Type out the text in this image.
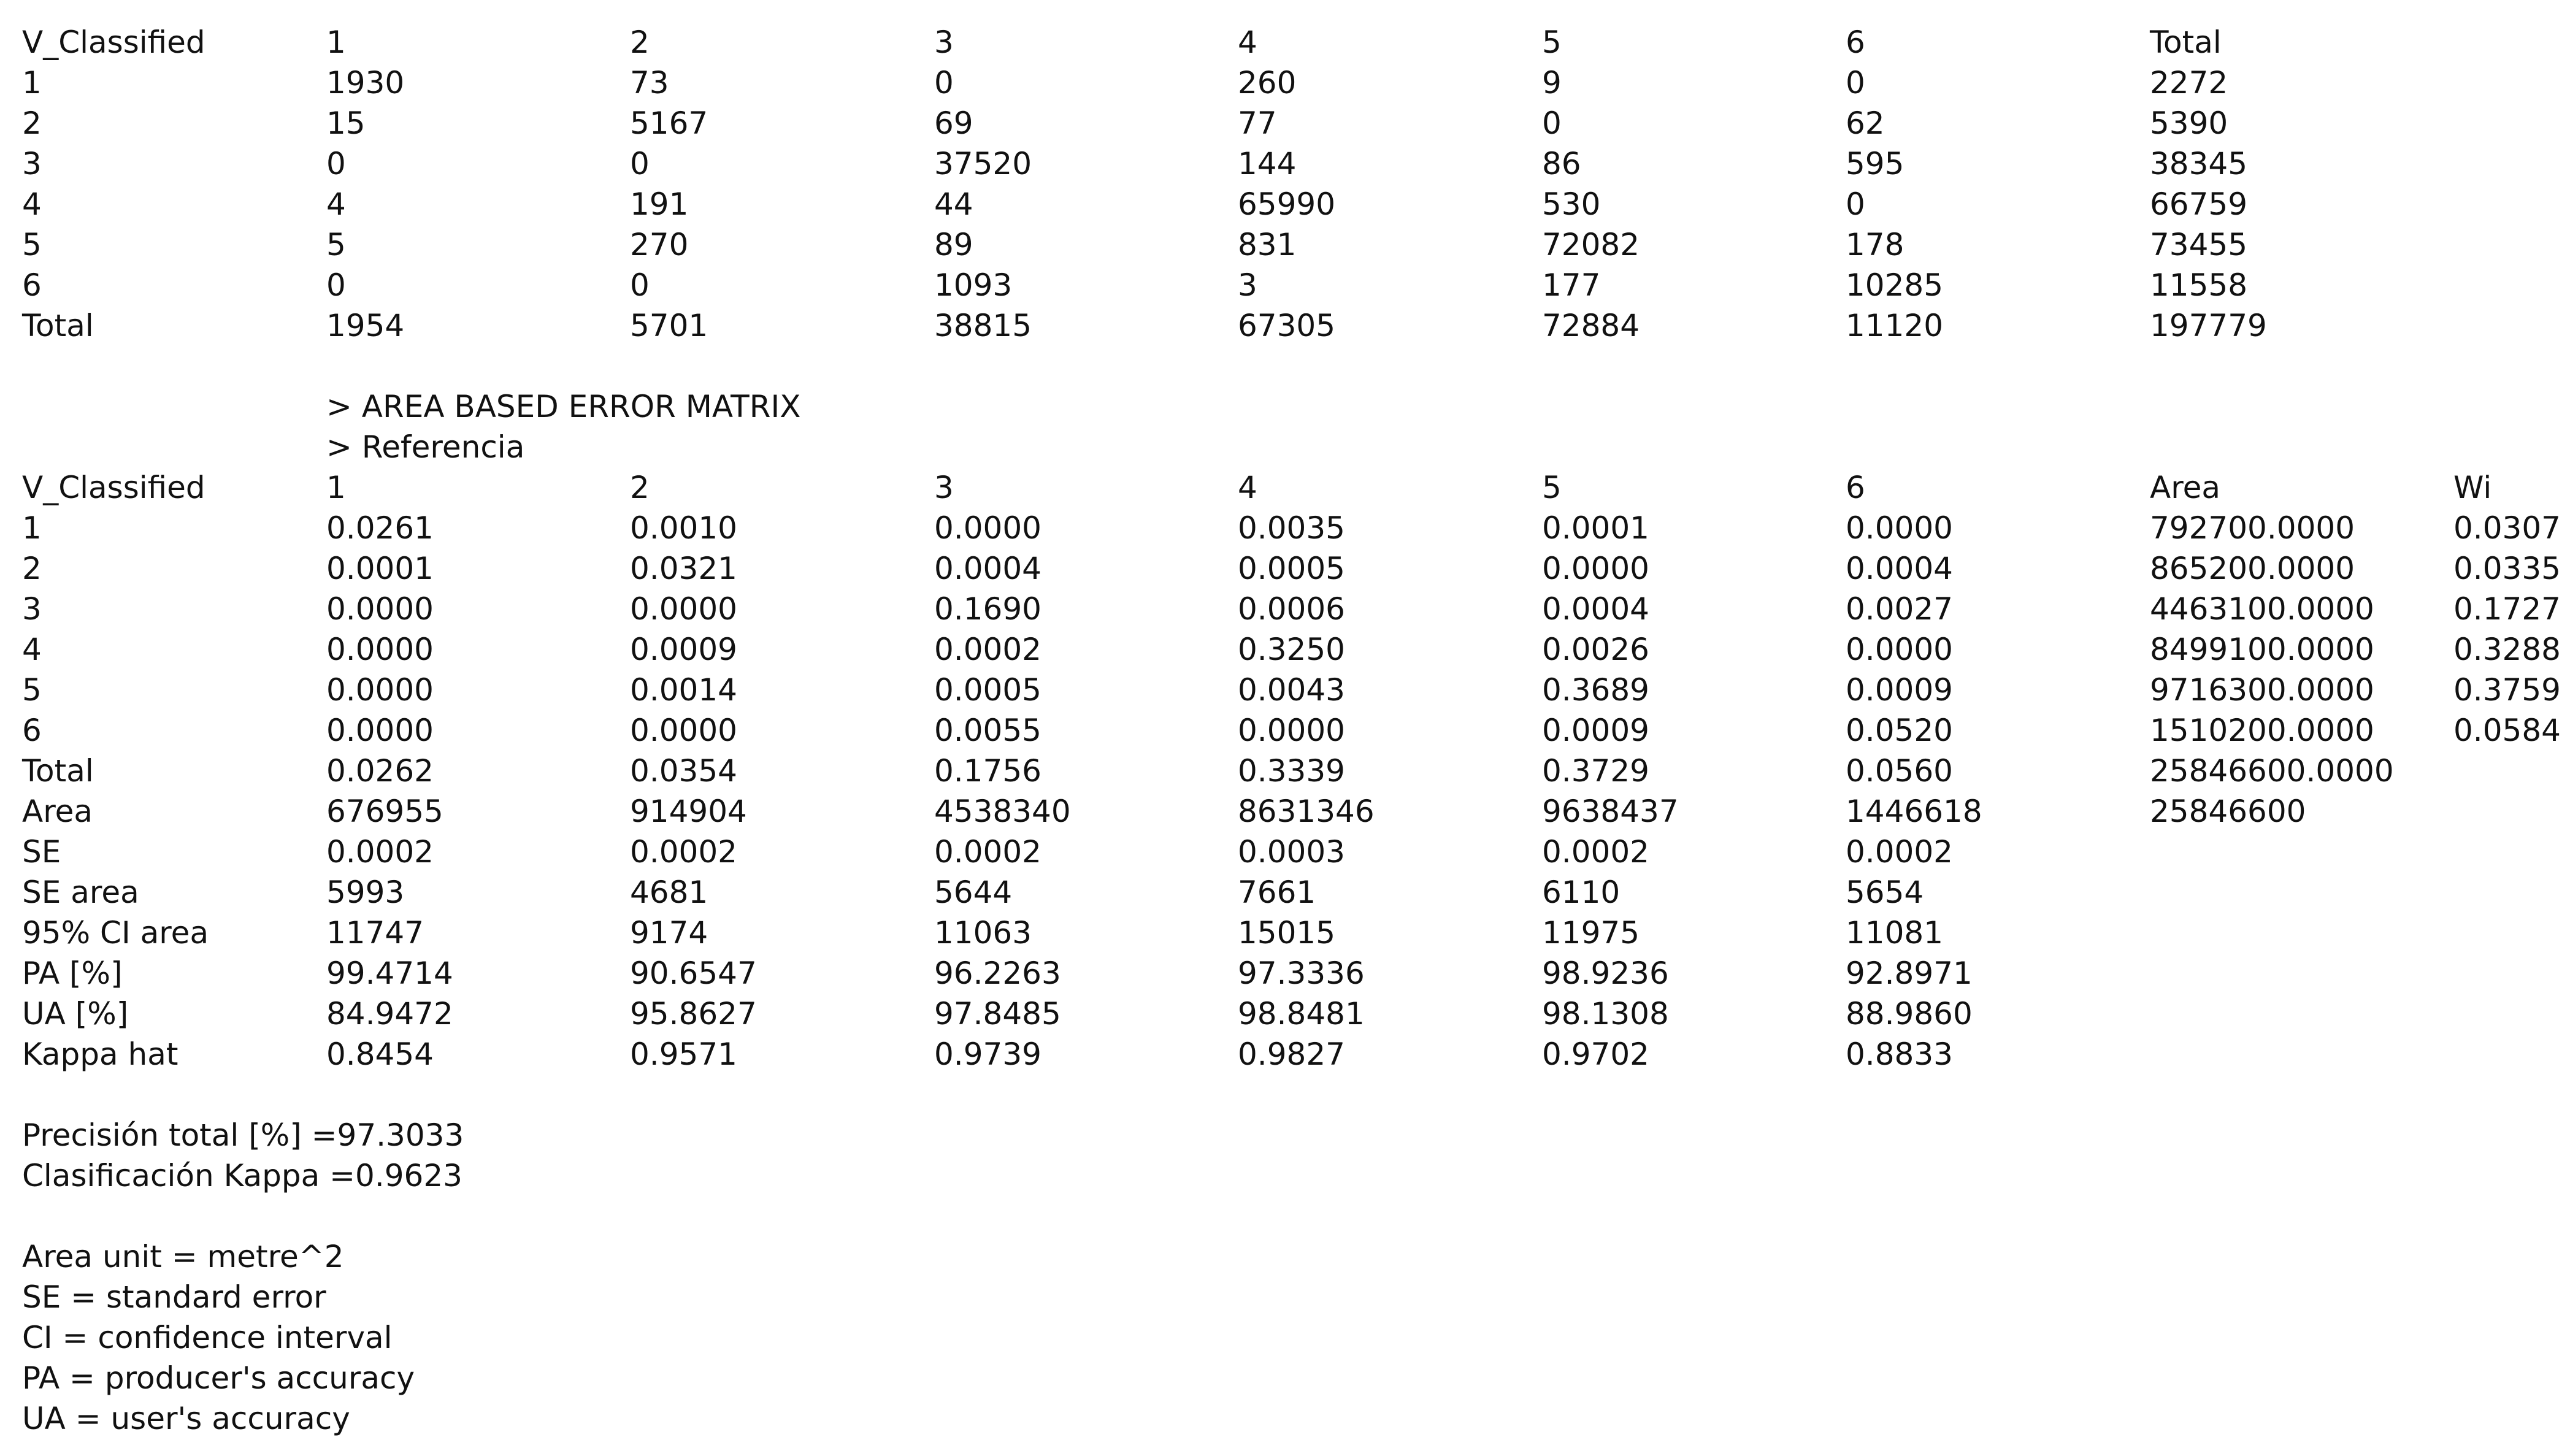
V_Classified	1	2	3	4	5	6	Total
1	1930	73	0	260	9	0	2272
2	15	5167	69	77	0	62	5390
3	0	0	37520	144	86	595	38345
4	4	191	44	65990	530	0	66759
5	5	270	89	831	72082	178	73455
6	0	0	1093	3	177	10285	11558
Total	1954	5701	38815	67305	72884	11120	197779
> AREA BASED ERROR MATRIX
> Referencia
V_Classified	1	2	3	4	5	6	Area	Wi
1	0.0261	0.0010	0.0000	0.0035	0.0001	0.0000	792700.0000	0.0307
2	0.0001	0.0321	0.0004	0.0005	0.0000	0.0004	865200.0000	0.0335
3	0.0000	0.0000	0.1690	0.0006	0.0004	0.0027	4463100.0000	0.1727
4	0.0000	0.0009	0.0002	0.3250	0.0026	0.0000	8499100.0000	0.3288
5	0.0000	0.0014	0.0005	0.0043	0.3689	0.0009	9716300.0000	0.3759
6	0.0000	0.0000	0.0055	0.0000	0.0009	0.0520	1510200.0000	0.0584
Total	0.0262	0.0354	0.1756	0.3339	0.3729	0.0560	25846600.0000
Area	676955	914904	4538340	8631346	9638437	1446618	25846600
SE	0.0002	0.0002	0.0002	0.0003	0.0002	0.0002
SE area	5993	4681	5644	7661	6110	5654
95% CI area	11747	9174	11063	15015	11975	11081
PA [%]	99.4714	90.6547	96.2263	97.3336	98.9236	92.8971
UA [%]	84.9472	95.8627	97.8485	98.8481	98.1308	88.9860
Kappa hat	0.8454	0.9571	0.9739	0.9827	0.9702	0.8833
Precisión total [%] =97.3033
Clasificación Kappa =0.9623
Area unit = metre^2
SE = standard error
CI = confidence interval
PA = producer's accuracy
UA = user's accuracy
